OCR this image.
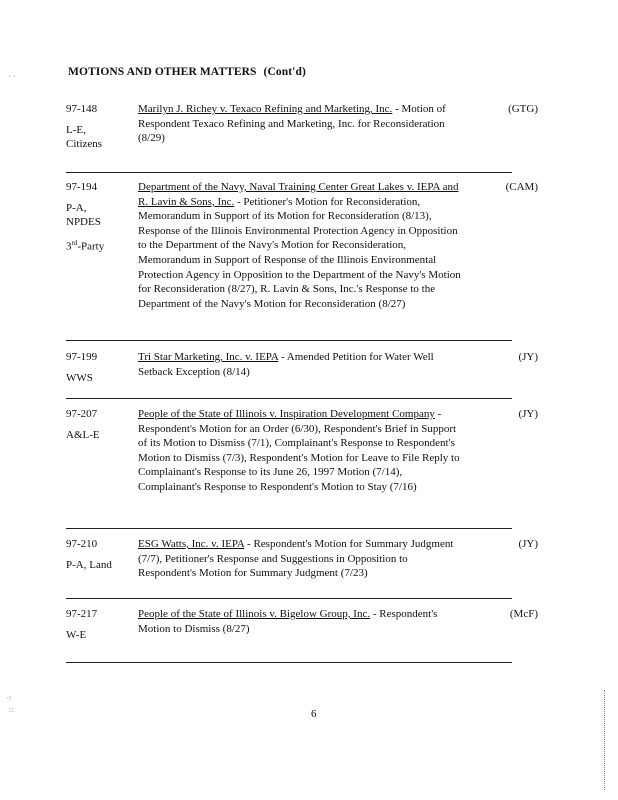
MOTIONS AND OTHER MATTERS (Cont'd)
97-148
L-E,
Citizens
Marilyn J. Richey v. Texaco Refining and Marketing, Inc. - Motion of Respondent Texaco Refining and Marketing, Inc. for Reconsideration (8/29)
(GTG)
97-194
P-A,
NPDES
3rd-Party
Department of the Navy, Naval Training Center Great Lakes v. IEPA and R. Lavin & Sons, Inc. - Petitioner's Motion for Reconsideration, Memorandum in Support of its Motion for Reconsideration (8/13), Response of the Illinois Environmental Protection Agency in Opposition to the Department of the Navy's Motion for Reconsideration, Memorandum in Support of Response of the Illinois Environmental Protection Agency in Opposition to the Department of the Navy's Motion for Reconsideration (8/27), R. Lavin & Sons, Inc.'s Response to the Department of the Navy's Motion for Reconsideration (8/27)
(CAM)
97-199
WWS
Tri Star Marketing, Inc. v. IEPA - Amended Petition for Water Well Setback Exception (8/14)
(JY)
97-207
A&L-E
People of the State of Illinois v. Inspiration Development Company - Respondent's Motion for an Order (6/30), Respondent's Brief in Support of its Motion to Dismiss (7/1), Complainant's Response to Respondent's Motion to Dismiss (7/3), Respondent's Motion for Leave to File Reply to Complainant's Response to its June 26, 1997 Motion (7/14), Complainant's Response to Respondent's Motion to Stay (7/16)
(JY)
97-210
P-A, Land
ESG Watts, Inc. v. IEPA - Respondent's Motion for Summary Judgment (7/7), Petitioner's Response and Suggestions in Opposition to Respondent's Motion for Summary Judgment (7/23)
(JY)
97-217
W-E
People of the State of Illinois v. Bigelow Group, Inc. - Respondent's Motion to Dismiss (8/27)
(McF)
6
⋅ ⋅
⁘
⁙
